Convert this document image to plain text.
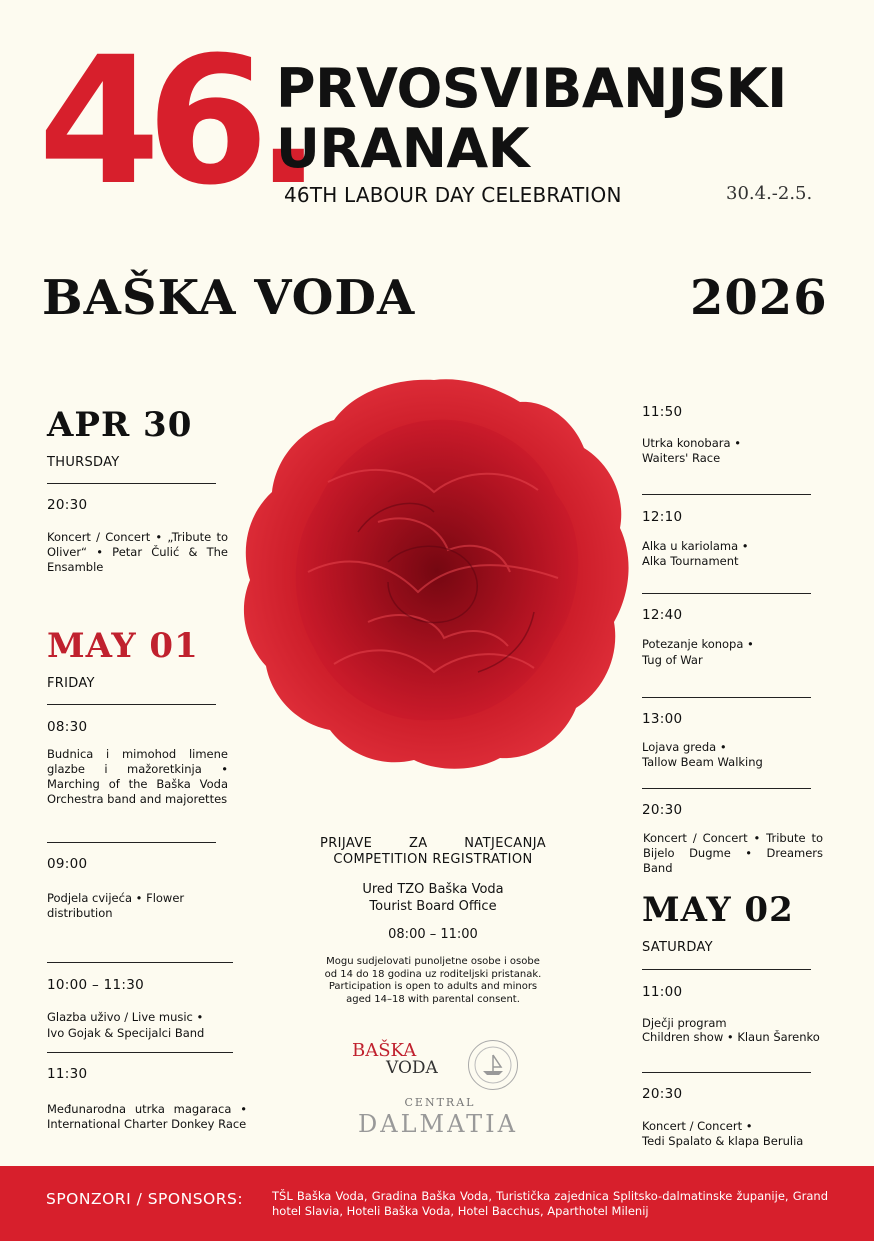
46.
PRVOSVIBANJSKI
URANAK
46TH LABOUR DAY CELEBRATION	30.4.-2.5.
BAŠKA VODA	2026
APR 30
THURSDAY
20:30
Koncert / Concert • „Tribute to Oliver“ • Petar Čulić & The Ensamble
MAY 01
FRIDAY
08:30
Budnica i mimohod limene glazbe i mažoretkinja • Marching of the Baška Voda Orchestra band and majorettes
09:00
Podjela cvijeća • Flower distribution
10:00 – 11:30
Glazba uživo / Live music •
Ivo Gojak & Specijalci Band
11:30
Međunarodna utrka magaraca • International Charter Donkey Race
PRIJAVE ZA NATJECANJA
COMPETITION REGISTRATION
Ured TZO Baška Voda
Tourist Board Office
08:00 – 11:00
Mogu sudjelovati punoljetne osobe i osobe
od 14 do 18 godina uz roditeljski pristanak.
Participation is open to adults and minors
aged 14–18 with parental consent.
BAŠKA
VODA
CENTRAL
DALMATIA
11:50
Utrka konobara •
Waiters' Race
12:10
Alka u kariolama •
Alka Tournament
12:40
Potezanje konopa •
Tug of War
13:00
Lojava greda •
Tallow Beam Walking
20:30
Koncert / Concert • Tribute to Bijelo Dugme • Dreamers Band
MAY 02
SATURDAY
11:00
Dječji program
Children show • Klaun Šarenko
20:30
Koncert / Concert •
Tedi Spalato & klapa Berulia
SPONZORI / SPONSORS:	TŠL Baška Voda, Gradina Baška Voda, Turistička zajednica Splitsko-dalmatinske županije, Grand hotel Slavia, Hoteli Baška Voda, Hotel Bacchus, Aparthotel Milenij
